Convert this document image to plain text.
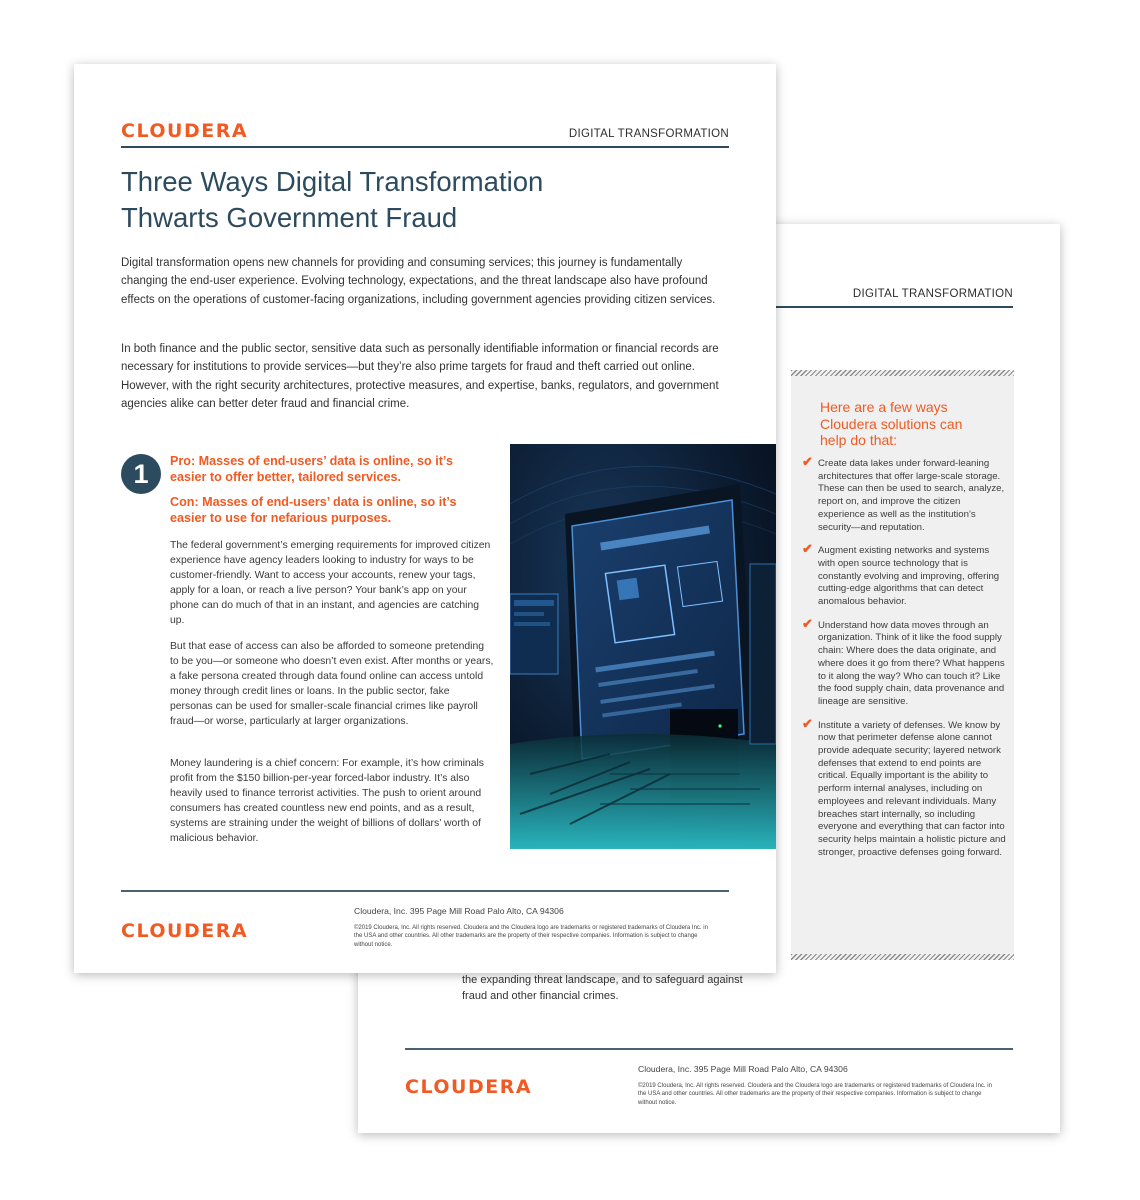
DIGITAL TRANSFORMATION
Here are a few ways Cloudera solutions can help do that:
✔ Create data lakes under forward-leaning architectures that offer large-scale storage. These can then be used to search, analyze, report on, and improve the citizen experience as well as the institution’s security—and reputation.
✔ Augment existing networks and systems with open source technology that is constantly evolving and improving, offering cutting-edge algorithms that can detect anomalous behavior.
✔ Understand how data moves through an organization. Think of it like the food supply chain: Where does the data originate, and where does it go from there? What happens to it along the way? Who can touch it? Like the food supply chain, data provenance and lineage are sensitive.
✔ Institute a variety of defenses. We know by now that perimeter defense alone cannot provide adequate security; layered network defenses that extend to end points are critical. Equally important is the ability to perform internal analyses, including on employees and relevant individuals. Many breaches start internally, so including everyone and everything that can factor into security helps maintain a holistic picture and stronger, proactive defenses going forward.
the expanding threat landscape, and to safeguard against fraud and other financial crimes.
CLOUDERA
Cloudera, Inc. 395 Page Mill Road Palo Alto, CA 94306
©2019 Cloudera, Inc. All rights reserved. Cloudera and the Cloudera logo are trademarks or registered trademarks of Cloudera Inc. in the USA and other countries. All other trademarks are the property of their respective companies. Information is subject to change without notice.
CLOUDERA	DIGITAL TRANSFORMATION
Three Ways Digital Transformation
Thwarts Government Fraud

Digital transformation opens new channels for providing and consuming services; this journey is fundamentally changing the end-user experience. Evolving technology, expectations, and the threat landscape also have profound effects on the operations of customer-facing organizations, including government agencies providing citizen services.

In both finance and the public sector, sensitive data such as personally identifiable information or financial records are necessary for institutions to provide services—but they’re also prime targets for fraud and theft carried out online. However, with the right security architectures, protective measures, and expertise, banks, regulators, and government agencies alike can better deter fraud and financial crime.

1	Pro: Masses of end-users’ data is online, so it’s easier to offer better, tailored services.
Con: Masses of end-users’ data is online, so it’s easier to use for nefarious purposes.

The federal government’s emerging requirements for improved citizen experience have agency leaders looking to industry for ways to be customer-friendly. Want to access your accounts, renew your tags, apply for a loan, or reach a live person? Your bank’s app on your phone can do much of that in an instant, and agencies are catching up.

But that ease of access can also be afforded to someone pretending to be you—or someone who doesn’t even exist. After months or years, a fake persona created through data found online can access untold money through credit lines or loans. In the public sector, fake personas can be used for smaller-scale financial crimes like payroll fraud—or worse, particularly at larger organizations.

Money laundering is a chief concern: For example, it’s how criminals profit from the $150 billion-per-year forced-labor industry. It’s also heavily used to finance terrorist activities. The push to orient around consumers has created countless new end points, and as a result, systems are straining under the weight of billions of dollars’ worth of malicious behavior.

CLOUDERA
Cloudera, Inc. 395 Page Mill Road Palo Alto, CA 94306
©2019 Cloudera, Inc. All rights reserved. Cloudera and the Cloudera logo are trademarks or registered trademarks of Cloudera Inc. in the USA and other countries. All other trademarks are the property of their respective companies. Information is subject to change without notice.
